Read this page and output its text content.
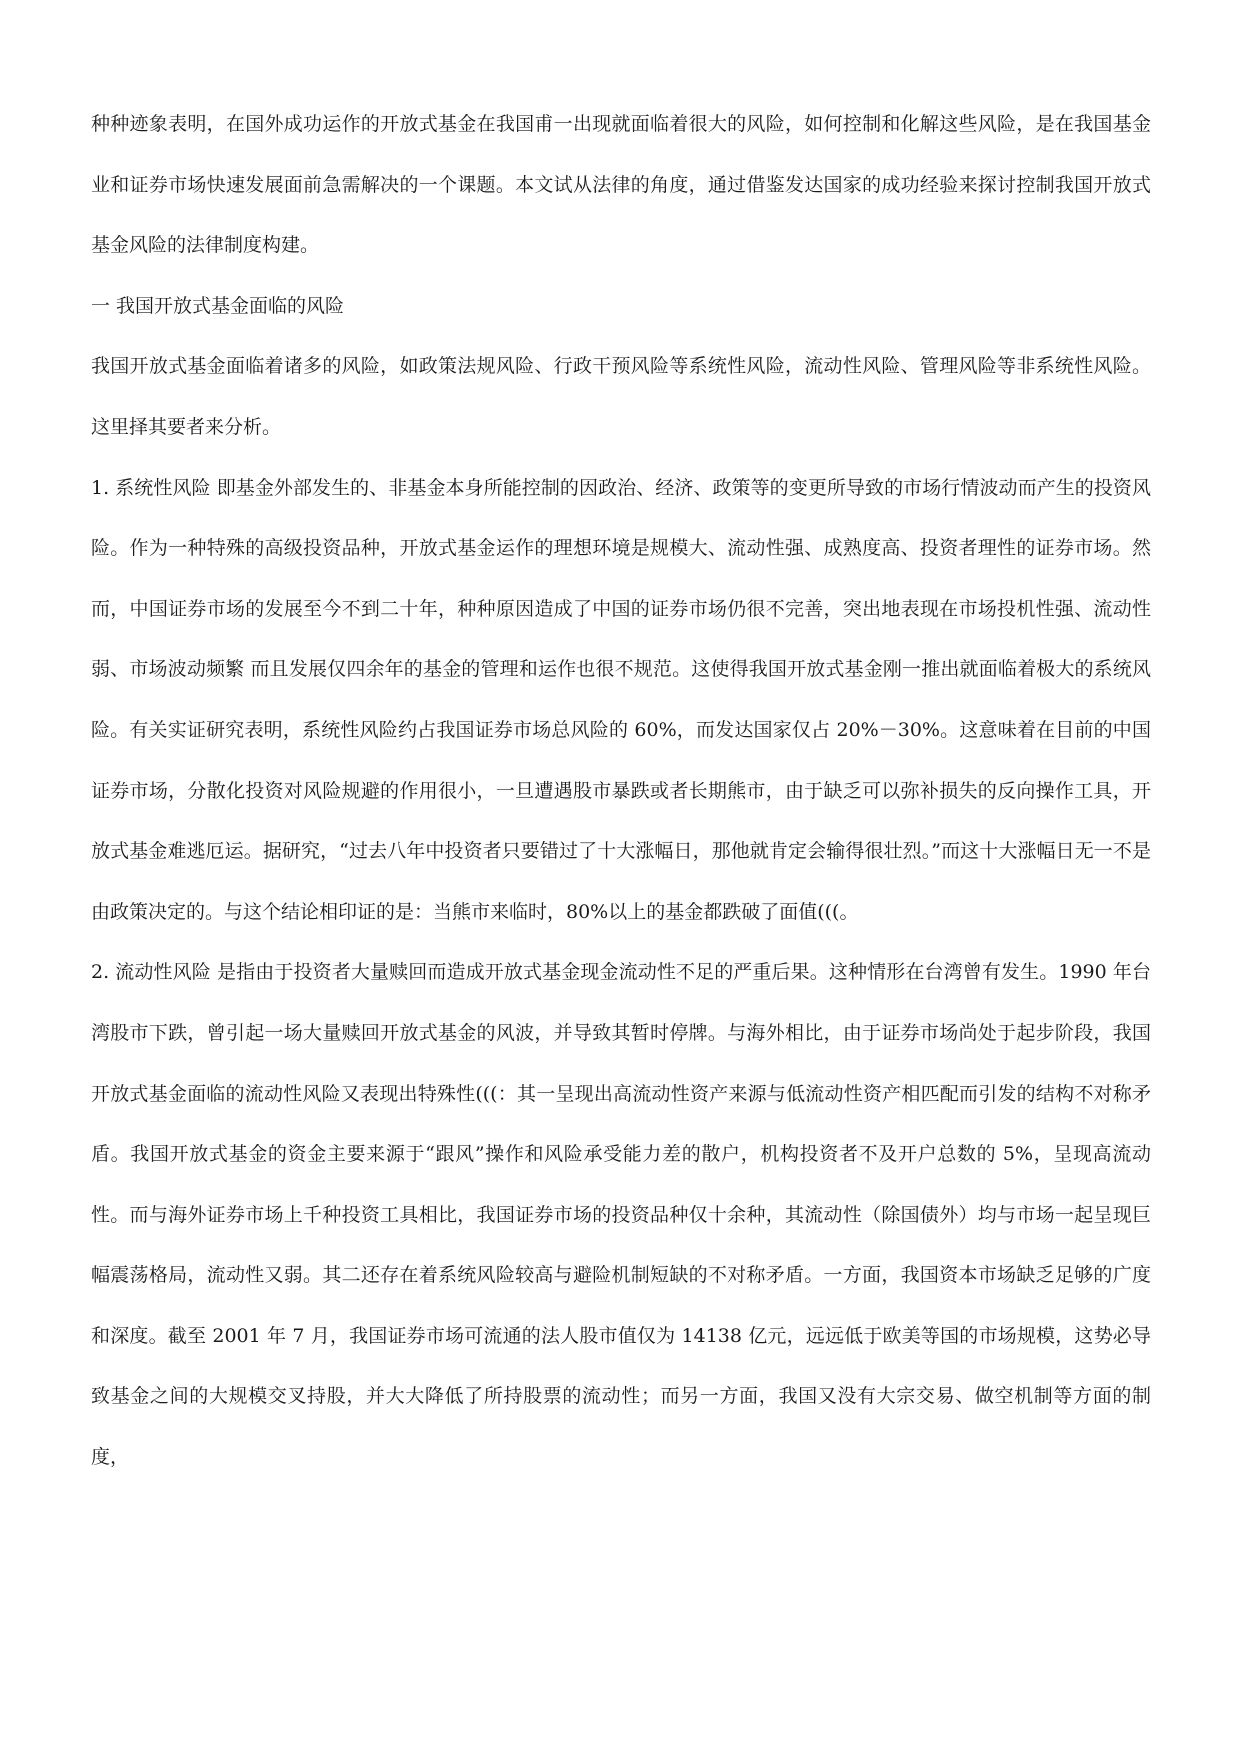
种种迹象表明，在国外成功运作的开放式基金在我国甫一出现就面临着很大的风险，如何控制和化解这些风险，是在我国基金业和证券市场快速发展面前急需解决的一个课题。本文试从法律的角度，通过借鉴发达国家的成功经验来探讨控制我国开放式基金风险的法律制度构建。

一 我国开放式基金面临的风险

我国开放式基金面临着诸多的风险，如政策法规风险、行政干预风险等系统性风险，流动性风险、管理风险等非系统性风险。这里择其要者来分析。

1. 系统性风险 即基金外部发生的、非基金本身所能控制的因政治、经济、政策等的变更所导致的市场行情波动而产生的投资风险。作为一种特殊的高级投资品种，开放式基金运作的理想环境是规模大、流动性强、成熟度高、投资者理性的证券市场。然而，中国证券市场的发展至今不到二十年，种种原因造成了中国的证券市场仍很不完善，突出地表现在市场投机性强、流动性弱、市场波动频繁 而且发展仅四余年的基金的管理和运作也很不规范。这使得我国开放式基金刚一推出就面临着极大的系统风险。有关实证研究表明，系统性风险约占我国证券市场总风险的 60%，而发达国家仅占 20%－30%。这意味着在目前的中国证券市场，分散化投资对风险规避的作用很小，一旦遭遇股市暴跌或者长期熊市，由于缺乏可以弥补损失的反向操作工具，开放式基金难逃厄运。据研究，“过去八年中投资者只要错过了十大涨幅日，那他就肯定会输得很壮烈。”而这十大涨幅日无一不是由政策决定的。与这个结论相印证的是：当熊市来临时，80%以上的基金都跌破了面值(((。

2. 流动性风险 是指由于投资者大量赎回而造成开放式基金现金流动性不足的严重后果。这种情形在台湾曾有发生。1990 年台湾股市下跌，曾引起一场大量赎回开放式基金的风波，并导致其暂时停牌。与海外相比，由于证券市场尚处于起步阶段，我国开放式基金面临的流动性风险又表现出特殊性(((：其一呈现出高流动性资产来源与低流动性资产相匹配而引发的结构不对称矛盾。我国开放式基金的资金主要来源于“跟风”操作和风险承受能力差的散户，机构投资者不及开户总数的 5%，呈现高流动性。而与海外证券市场上千种投资工具相比，我国证券市场的投资品种仅十余种，其流动性（除国债外）均与市场一起呈现巨幅震荡格局，流动性又弱。其二还存在着系统风险较高与避险机制短缺的不对称矛盾。一方面，我国资本市场缺乏足够的广度和深度。截至 2001 年 7 月，我国证券市场可流通的法人股市值仅为 14138 亿元，远远低于欧美等国的市场规模，这势必导致基金之间的大规模交叉持股，并大大降低了所持股票的流动性；而另一方面，我国又没有大宗交易、做空机制等方面的制度，
